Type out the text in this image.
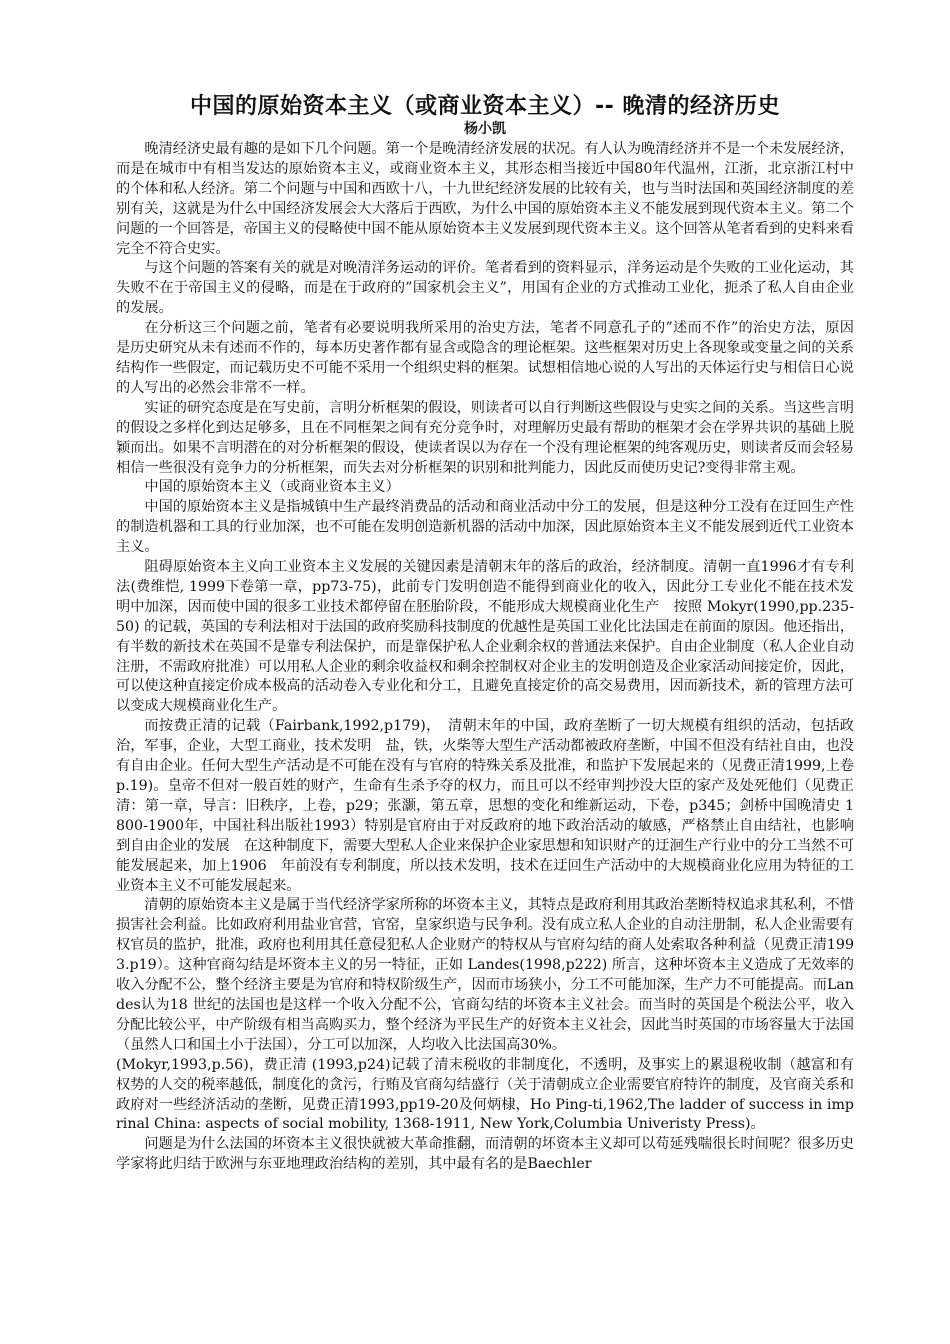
中国的原始资本主义（或商业资本主义）-- 晚清的经济历史
杨小凯

晚清经济史最有趣的是如下几个问题。第一个是晚清经济发展的状况。有人认为晚清经济并不是一个未发展经济，而是在城市中有相当发达的原始资本主义，或商业资本主义，其形态相当接近中国80年代温州，江浙，北京浙江村中的个体和私人经济。第二个问题与中国和西欧十八，十九世纪经济发展的比较有关，也与当时法国和英国经济制度的差别有关，这就是为什么中国经济发展会大大落后于西欧，为什么中国的原始资本主义不能发展到现代资本主义。第二个问题的一个回答是，帝国主义的侵略使中国不能从原始资本主义发展到现代资本主义。这个回答从笔者看到的史料来看完全不符合史实。

与这个问题的答案有关的就是对晚清洋务运动的评价。笔者看到的资料显示，洋务运动是个失败的工业化运动，其失败不在于帝国主义的侵略，而是在于政府的”国家机会主义”，用国有企业的方式推动工业化，扼杀了私人自由企业的发展。

在分析这三个问题之前，笔者有必要说明我所采用的治史方法，笔者不同意孔子的”述而不作”的治史方法，原因是历史研究从未有述而不作的，每本历史著作都有显含或隐含的理论框架。这些框架对历史上各现象或变量之间的关系结构作一些假定，而记载历史不可能不采用一个组织史料的框架。试想相信地心说的人写出的天体运行史与相信日心说的人写出的必然会非常不一样。

实证的研究态度是在写史前，言明分析框架的假设，则读者可以自行判断这些假设与史实之间的关系。当这些言明的假设之多样化到达足够多，且在不同框架之间有充分竞争时，对理解历史最有帮助的框架才会在学界共识的基础上脱颖而出。如果不言明潜在的对分析框架的假设，使读者误以为存在一个没有理论框架的纯客观历史，则读者反而会轻易相信一些很没有竞争力的分析框架，而失去对分析框架的识别和批判能力，因此反而使历史记?变得非常主观。

中国的原始资本主义（或商业资本主义）

中国的原始资本主义是指城镇中生产最终消费品的活动和商业活动中分工的发展，但是这种分工没有在迂回生产性的制造机器和工具的行业加深，也不可能在发明创造新机器的活动中加深，因此原始资本主义不能发展到近代工业资本主义。

阻碍原始资本主义向工业资本主义发展的关键因素是清朝末年的落后的政治，经济制度。清朝一直1996才有专利法(费维恺, 1999下卷第一章，pp73-75)，此前专门发明创造不能得到商业化的收入，因此分工专业化不能在技术发明中加深，因而使中国的很多工业技术都停留在胚胎阶段，不能形成大规模商业化生产　按照 Mokyr(1990,pp.235-50) 的记载，英国的专利法相对于法国的政府奖励科技制度的优越性是英国工业化比法国走在前面的原因。他还指出，有半数的新技术在英国不是靠专利法保护，而是靠保护私人企业剩余权的普通法来保护。自由企业制度（私人企业自动注册，不需政府批准）可以用私人企业的剩余收益权和剩余控制权对企业主的发明创造及企业家活动间接定价，因此，可以使这种直接定价成本极高的活动卷入专业化和分工，且避免直接定价的高交易费用，因而新技术，新的管理方法可以变成大规模商业化生产。

而按费正清的记载（Fairbank,1992,p179)，　清朝末年的中国，政府垄断了一切大规模有组织的活动，包括政治，军事，企业，大型工商业，技术发明　盐，铁，火柴等大型生产活动都被政府垄断，中国不但没有结社自由，也没有自由企业。任何大型生产活动是不可能在没有与官府的特殊关系及批准，和监护下发展起来的（见费正清1999,上卷p.19)。皇帝不但对一般百姓的财产，生命有生杀予夺的权力，而且可以不经审判抄没大臣的家产及处死他们（见费正清：第一章，导言：旧秩序，上卷，p29；张灏，第五章，思想的变化和维新运动，下卷，p345；剑桥中国晚清史 1800-1900年，中国社科出版社1993）特别是官府由于对反政府的地下政治活动的敏感，严格禁止自由结社，也影响到自由企业的发展　在这种制度下，需要大型私人企业来保护企业家思想和知识财产的迂洄生产行业中的分工当然不可能发展起来，加上1906　年前没有专利制度，所以技术发明，技术在迂回生产活动中的大规模商业化应用为特征的工业资本主义不可能发展起来。

清朝的原始资本主义是属于当代经济学家所称的坏资本主义，其特点是政府利用其政治垄断特权追求其私利，不惜损害社会利益。比如政府利用盐业官营，官窑，皇家织造与民争利。没有成立私人企业的自动注册制，私人企业需要有权官员的监护，批准，政府也利用其任意侵犯私人企业财产的特权从与官府勾结的商人处索取各种利益（见费正清1993.p19）。这种官商勾结是坏资本主义的另一特征，正如 Landes(1998,p222) 所言，这种坏资本主义造成了无效率的收入分配不公，整个经济主要是为官府和特权阶级生产，因而市场狭小，分工不可能加深，生产力不可能提高。而Landes认为18 世纪的法国也是这样一个收入分配不公，官商勾结的坏资本主义社会。而当时的英国是个税法公平，收入分配比较公平，中产阶级有相当高购买力，整个经济为平民生产的好资本主义社会，因此当时英国的市场容量大于法国（虽然人口和国土小于法国），分工可以加深，人均收入比法国高30%。

(Mokyr,1993,p.56)，费正清 (1993,p24)记载了清末税收的非制度化，不透明，及事实上的累退税收制（越富和有权势的人交的税率越低，制度化的贪污，行贿及官商勾结盛行（关于清朝成立企业需要官府特许的制度，及官商关系和政府对一些经济活动的垄断，见费正清1993,pp19-20及何炳棣，Ho Ping-ti,1962,The ladder of success in imprinal China: aspects of social mobility, 1368-1911, New York,Columbia Univeristy Press)。

问题是为什么法国的坏资本主义很快就被大革命推翻，而清朝的坏资本主义却可以苟延残喘很长时间呢？很多历史学家将此归结于欧洲与东亚地理政治结构的差别，其中最有名的是Baechler
